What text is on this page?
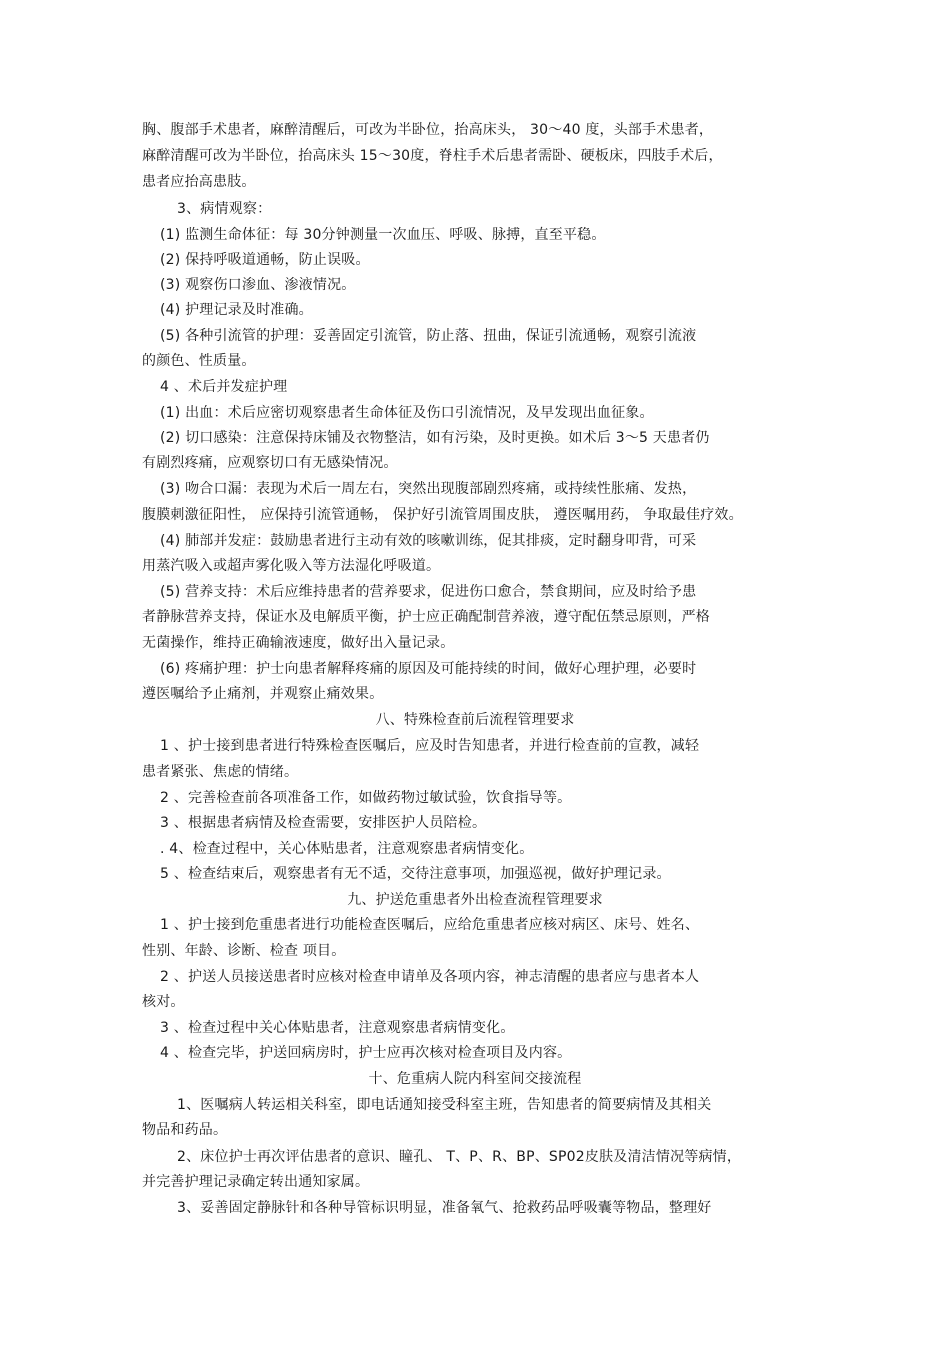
胸、腹部手术患者，麻醉清醒后，可改为半卧位，抬高床头， 30～40 度，头部手术患者，
麻醉清醒可改为半卧位，抬高床头 15～30度，脊柱手术后患者需卧、硬板床，四肢手术后，
患者应抬高患肢。
3、病情观察：
(1) 监测生命体征：每 30分钟测量一次血压、呼吸、脉搏，直至平稳。
(2) 保持呼吸道通畅，防止误吸。
(3) 观察伤口渗血、渗液情况。
(4) 护理记录及时准确。
(5) 各种引流管的护理：妥善固定引流管，防止落、扭曲，保证引流通畅，观察引流液
的颜色、性质量。
4 、术后并发症护理
(1) 出血：术后应密切观察患者生命体征及伤口引流情况，及早发现出血征象。
(2) 切口感染：注意保持床铺及衣物整洁，如有污染，及时更换。如术后 3～5 天患者仍
有剧烈疼痛，应观察切口有无感染情况。
(3) 吻合口漏：表现为术后一周左右，突然出现腹部剧烈疼痛，或持续性胀痛、发热，
腹膜刺激征阳性， 应保持引流管通畅， 保护好引流管周围皮肤， 遵医嘱用药， 争取最佳疗效。
(4) 肺部并发症：鼓励患者进行主动有效的咳嗽训练，促其排痰，定时翻身叩背，可采
用蒸汽吸入或超声雾化吸入等方法湿化呼吸道。
(5) 营养支持：术后应维持患者的营养要求，促进伤口愈合，禁食期间，应及时给予患
者静脉营养支持，保证水及电解质平衡，护士应正确配制营养液，遵守配伍禁忌原则，严格
无菌操作，维持正确输液速度，做好出入量记录。
(6) 疼痛护理：护士向患者解释疼痛的原因及可能持续的时间，做好心理护理，必要时
遵医嘱给予止痛剂，并观察止痛效果。
八、特殊检查前后流程管理要求
1 、护士接到患者进行特殊检查医嘱后，应及时告知患者，并进行检查前的宣教，减轻
患者紧张、焦虑的情绪。
2 、完善检查前各项准备工作，如做药物过敏试验，饮食指导等。
3 、根据患者病情及检查需要，安排医护人员陪检。
. 4、检查过程中，关心体贴患者，注意观察患者病情变化。
5 、检查结束后，观察患者有无不适，交待注意事项，加强巡视，做好护理记录。
九、护送危重患者外出检查流程管理要求
1 、护士接到危重患者进行功能检查医嘱后，应给危重患者应核对病区、床号、姓名、
性别、年龄、诊断、检查 项目。
2 、护送人员接送患者时应核对检查申请单及各项内容，神志清醒的患者应与患者本人
核对。
3 、检查过程中关心体贴患者，注意观察患者病情变化。
4 、检查完毕，护送回病房时，护士应再次核对检查项目及内容。
十、危重病人院内科室间交接流程
1、医嘱病人转运相关科室，即电话通知接受科室主班，告知患者的简要病情及其相关
物品和药品。
2、床位护士再次评估患者的意识、瞳孔、 T、P、R、BP、SP02皮肤及清洁情况等病情，
并完善护理记录确定转出通知家属。
3、妥善固定静脉针和各种导管标识明显，准备氧气、抢救药品呼吸囊等物品，整理好
